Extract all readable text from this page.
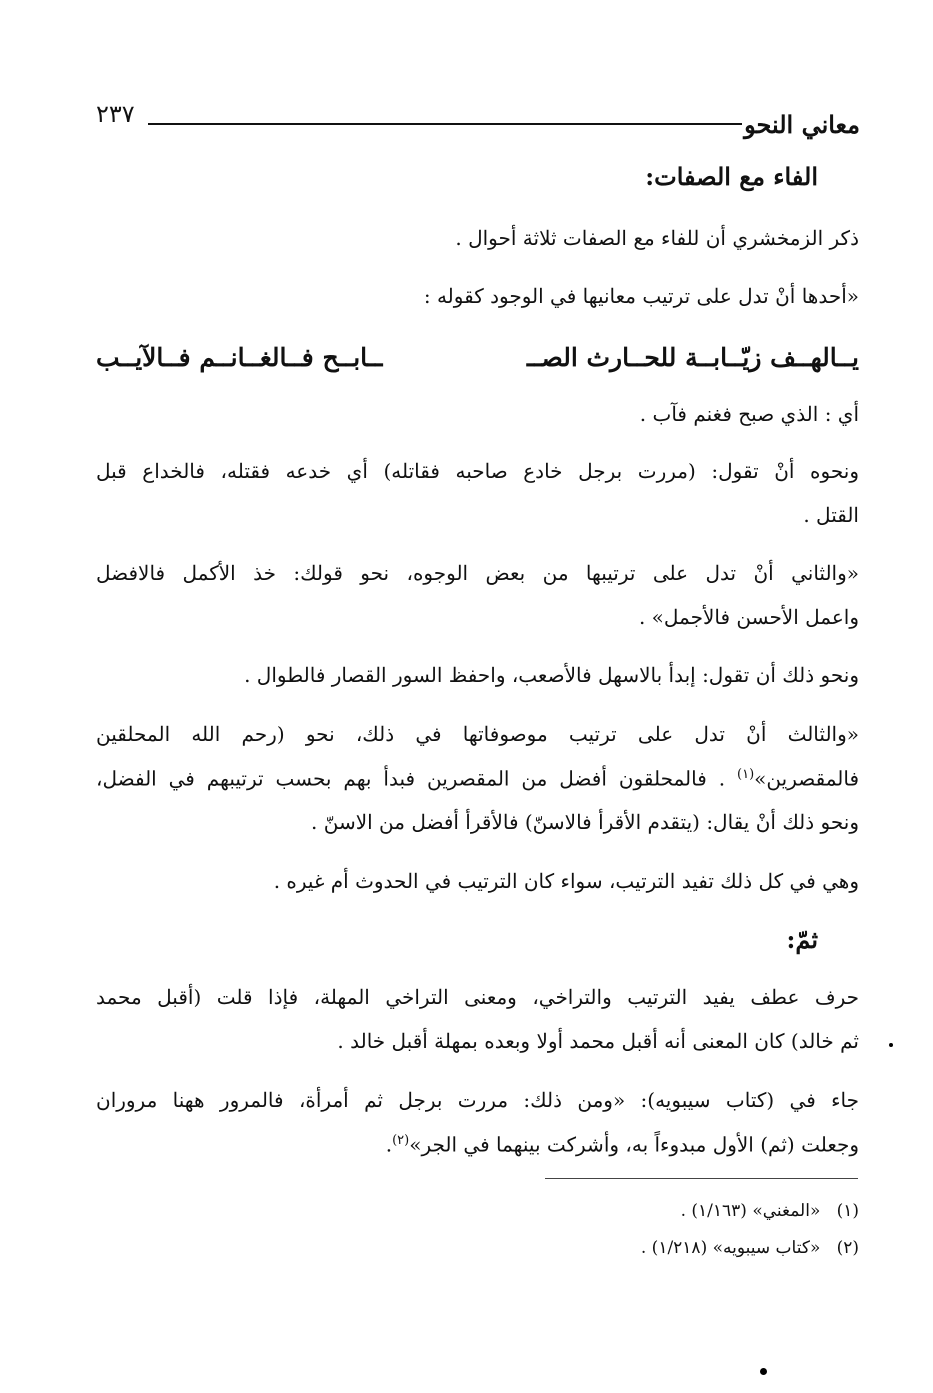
معاني النحو
٢٣٧
الفاء مع الصفات:
ذكر الزمخشري أن للفاء مع الصفات ثلاثة أحوال .
«أحدها أنْ تدل على ترتيب معانيها في الوجود كقوله :
يــالهــف زيّــابــة للحــارث الصــ
ــابــح فــالغــانــم فــالآيــب
أي : الذي صبح فغنم فآب .
ونحوه أنْ تقول: (مررت برجل خادع صاحبه فقاتله) أي خدعه فقتله، فالخداع قبل
القتل .
«والثاني أنْ تدل على ترتيبها من بعض الوجوه، نحو قولك: خذ الأكمل فالافضل
واعمل الأحسن فالأجمل» .
ونحو ذلك أن تقول: إبدأ بالاسهل فالأصعب، واحفظ السور القصار فالطوال .
«والثالث أنْ تدل على ترتيب موصوفاتها في ذلك، نحو (رحم الله المحلقين
فالمقصرين»$^{(١)}$ . فالمحلقون أفضل من المقصرين فبدأ بهم بحسب ترتيبهم في الفضل،
ونحو ذلك أنْ يقال: (يتقدم الأقرأ فالاسنّ) فالأقرأ أفضل من الاسنّ .
وهي في كل ذلك تفيد الترتيب، سواء كان الترتيب في الحدوث أم غيره .
ثمّ:
حرف عطف يفيد الترتيب والتراخي، ومعنى التراخي المهلة، فإذا قلت (أقبل محمد
ثم خالد) كان المعنى أنه أقبل محمد أولا وبعده بمهلة أقبل خالد .
جاء في (كتاب سيبويه): «ومن ذلك: مررت برجل ثم أمرأة، فالمرور ههنا مروران
وجعلت (ثم) الأول مبدوءاً به، وأشركت بينهما في الجر»$^{(٢)}$.
(١)   «المغني» (١/١٦٣) .
(٢)   «كتاب سيبويه» (١/٢١٨) .
